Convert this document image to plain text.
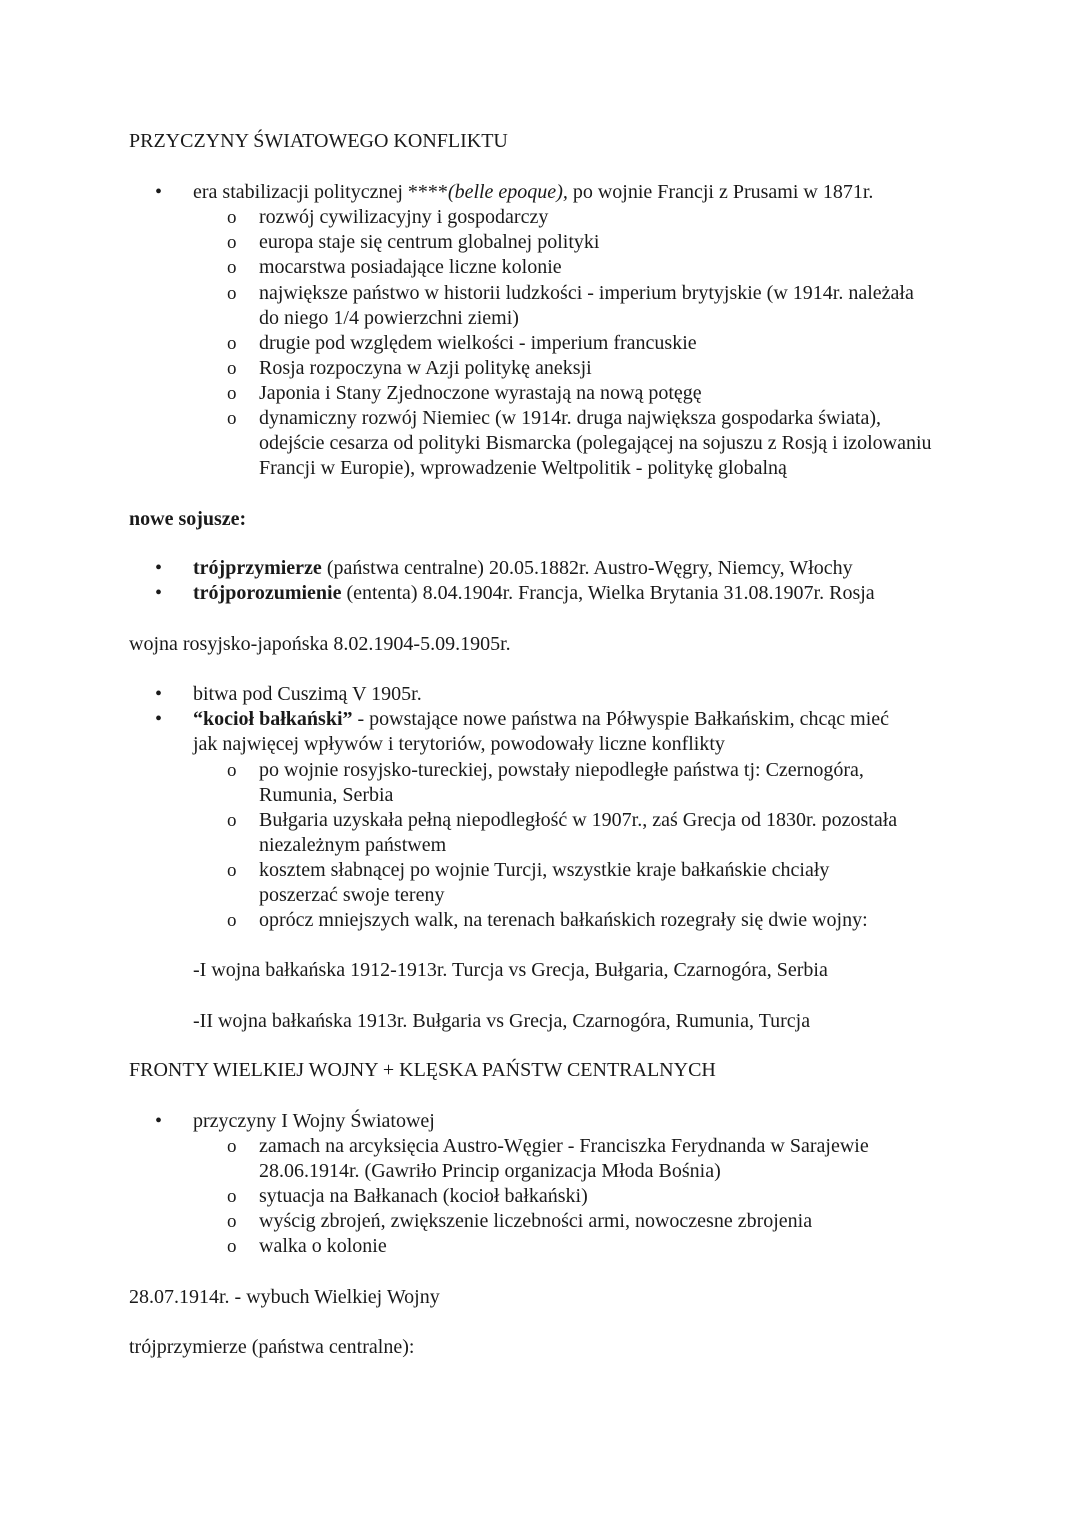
PRZYCZYNY ŚWIATOWEGO KONFLIKTU

• era stabilizacji politycznej ****(belle epoque), po wojnie Francji z Prusami w 1871r.

o rozwój cywilizacyjny i gospodarczy

o europa staje się centrum globalnej polityki

o mocarstwa posiadające liczne kolonie

o największe państwo w historii ludzkości - imperium brytyjskie (w 1914r. należała do niego 1/4 powierzchni ziemi)

o drugie pod względem wielkości - imperium francuskie

o Rosja rozpoczyna w Azji politykę aneksji

o Japonia i Stany Zjednoczone wyrastają na nową potęgę

o dynamiczny rozwój Niemiec (w 1914r. druga największa gospodarka świata), odejście cesarza od polityki Bismarcka (polegającej na sojuszu z Rosją i izolowaniu Francji w Europie), wprowadzenie Weltpolitik - politykę globalną

nowe sojusze:

• trójprzymierze (państwa centralne) 20.05.1882r. Austro-Węgry, Niemcy, Włochy

• trójporozumienie (ententa) 8.04.1904r. Francja, Wielka Brytania 31.08.1907r. Rosja

wojna rosyjsko-japońska 8.02.1904-5.09.1905r.

• bitwa pod Cuszimą V 1905r.

• “kocioł bałkański” - powstające nowe państwa na Półwyspie Bałkańskim, chcąc mieć jak najwięcej wpływów i terytoriów, powodowały liczne konflikty

o po wojnie rosyjsko-tureckiej, powstały niepodległe państwa tj: Czernogóra, Rumunia, Serbia

o Bułgaria uzyskała pełną niepodległość w 1907r., zaś Grecja od 1830r. pozostała niezależnym państwem

o kosztem słabnącej po wojnie Turcji, wszystkie kraje bałkańskie chciały poszerzać swoje tereny

o oprócz mniejszych walk, na terenach bałkańskich rozegrały się dwie wojny:

-I wojna bałkańska 1912-1913r. Turcja vs Grecja, Bułgaria, Czarnogóra, Serbia

-II wojna bałkańska 1913r. Bułgaria vs Grecja, Czarnogóra, Rumunia, Turcja

FRONTY WIELKIEJ WOJNY + KLĘSKA PAŃSTW CENTRALNYCH

• przyczyny I Wojny Światowej

o zamach na arcyksięcia Austro-Węgier - Franciszka Ferydnanda w Sarajewie 28.06.1914r. (Gawriło Princip organizacja Młoda Bośnia)

o sytuacja na Bałkanach (kocioł bałkański)

o wyścig zbrojeń, zwiększenie liczebności armi, nowoczesne zbrojenia

o walka o kolonie

28.07.1914r. - wybuch Wielkiej Wojny

trójprzymierze (państwa centralne):
